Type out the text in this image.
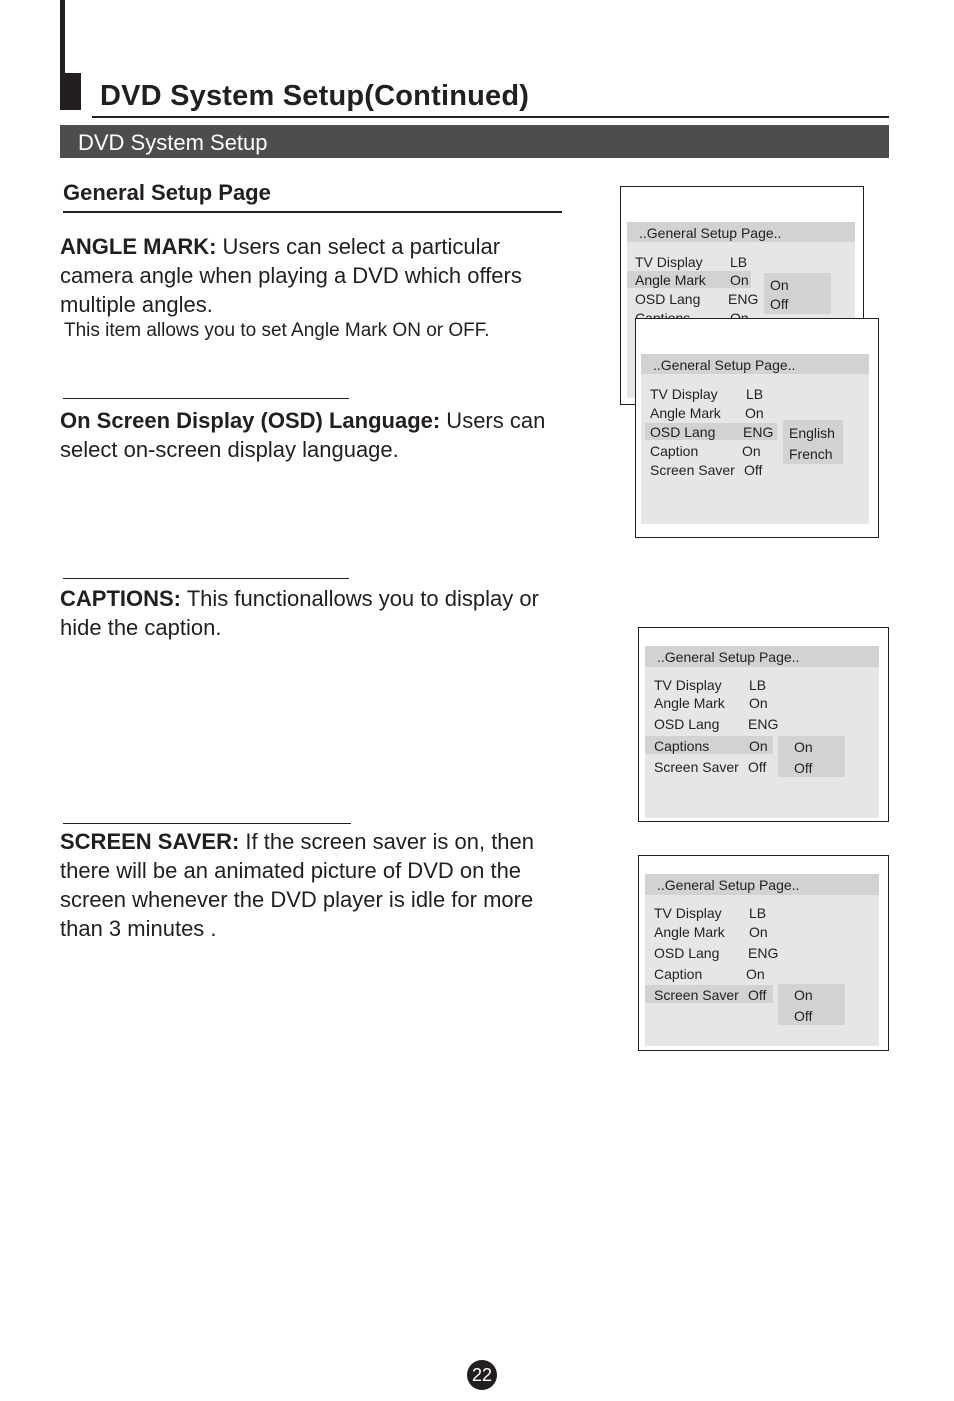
DVD System Setup(Continued)
DVD System Setup
General Setup Page
ANGLE MARK: Users can select a particular camera angle when playing a DVD which offers multiple angles.
This item allows you to set Angle Mark ON or OFF.
On Screen Display (OSD) Language: Users can select on-screen display language.
CAPTIONS: This functionallows you to display or hide the caption.
SCREEN SAVER: If the screen saver is on, then there will be an animated picture of DVD on the screen whenever the DVD player is idle for more than 3 minutes .
..General Setup Page..
TV Display LB
Angle Mark On
OSD Lang ENG
On
Off
..General Setup Page..
TV Display LB
Angle Mark On
OSD Lang ENG
Caption	On
Screen Saver Off
English
French
..General Setup Page..
TV Display LB
Angle Mark On
OSD Lang ENG
Captions	On
Screen Saver Off
On
Off
..General Setup Page..
TV Display LB
Angle Mark On
OSD Lang ENG
Caption	On
Screen Saver Off On
Off
22
